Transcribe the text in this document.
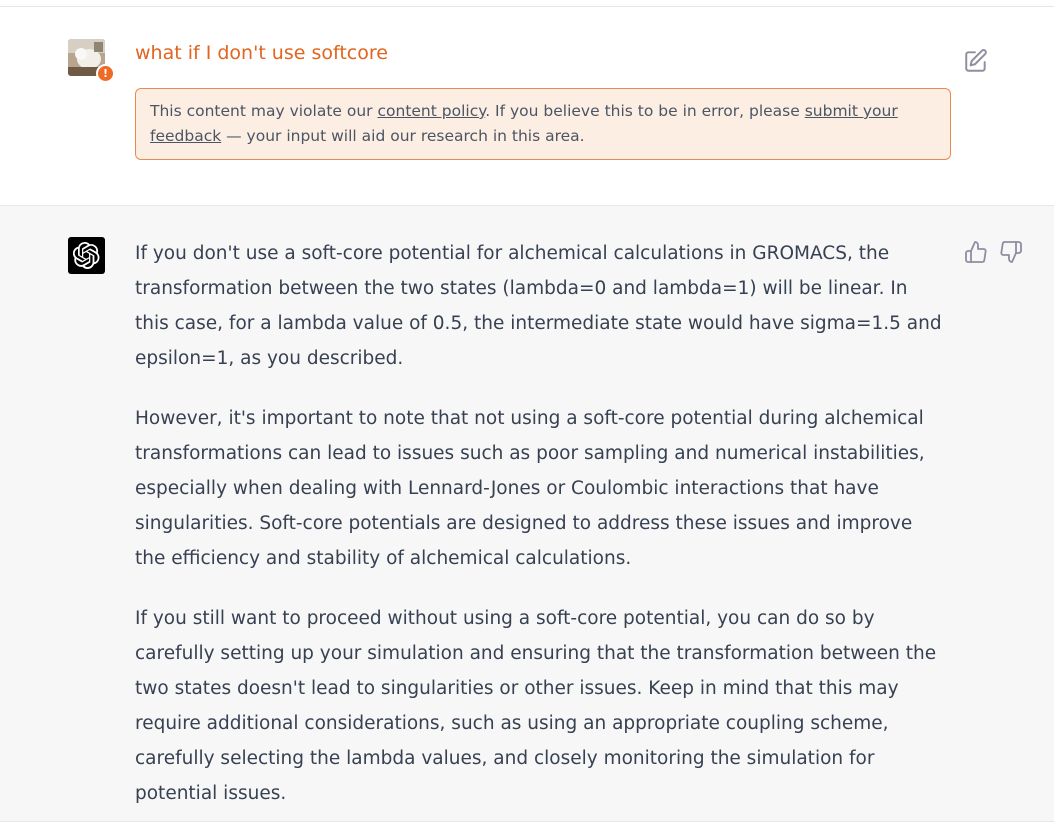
!
what if I don't use softcore
This content may violate our content policy. If you believe this to be in error, please submit your feedback — your input will aid our research in this area.

If you don't use a soft-core potential for alchemical calculations in GROMACS, the transformation between the two states (lambda=0 and lambda=1) will be linear. In this case, for a lambda value of 0.5, the intermediate state would have sigma=1.5 and epsilon=1, as you described.

However, it's important to note that not using a soft-core potential during alchemical transformations can lead to issues such as poor sampling and numerical instabilities, especially when dealing with Lennard-Jones or Coulombic interactions that have singularities. Soft-core potentials are designed to address these issues and improve the efficiency and stability of alchemical calculations.

If you still want to proceed without using a soft-core potential, you can do so by carefully setting up your simulation and ensuring that the transformation between the two states doesn't lead to singularities or other issues. Keep in mind that this may require additional considerations, such as using an appropriate coupling scheme, carefully selecting the lambda values, and closely monitoring the simulation for potential issues.
